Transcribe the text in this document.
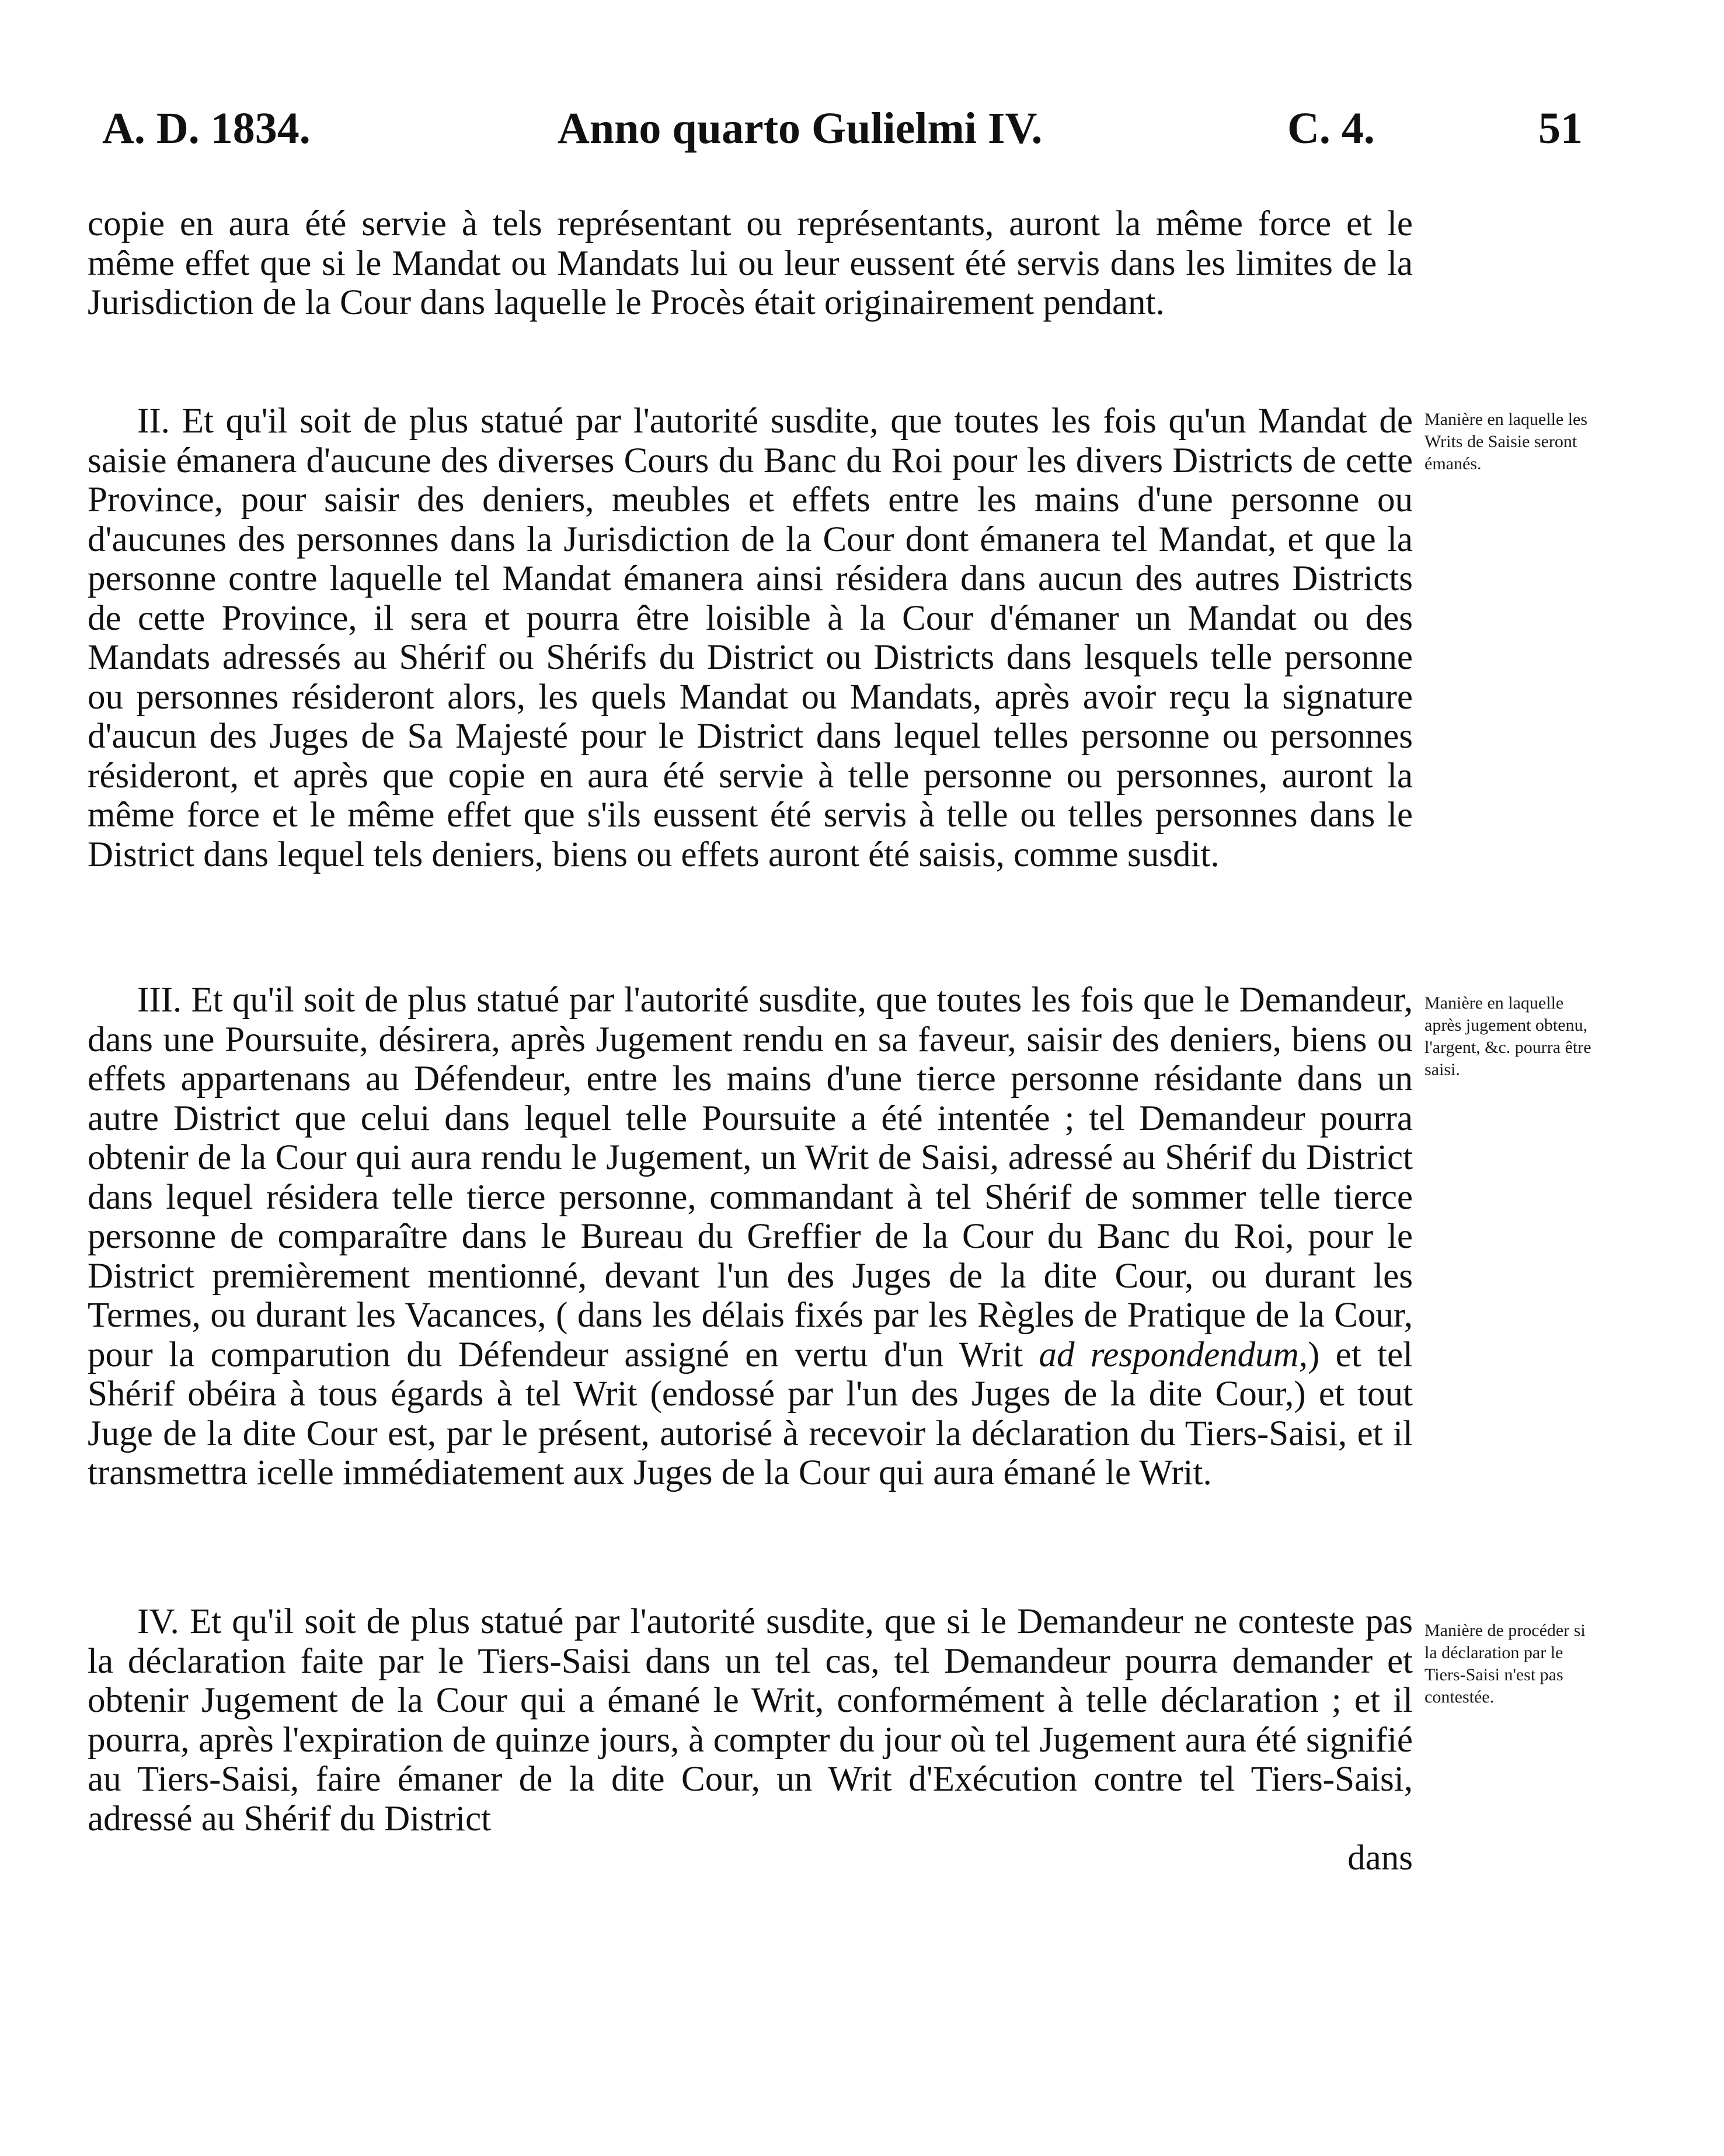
A. D. 1834.	Anno quarto Gulielmi IV.	C. 4.	51

copie en aura été servie à tels représentant ou représentants, auront la même force et le même effet que si le Mandat ou Mandats lui ou leur eussent été servis dans les limites de la Jurisdiction de la Cour dans laquelle le Procès était originairement pendant.

II. Et qu'il soit de plus statué par l'autorité susdite, que toutes les fois qu'un Mandat de saisie émanera d'aucune des diverses Cours du Banc du Roi pour les divers Districts de cette Province, pour saisir des deniers, meubles et effets entre les mains d'une personne ou d'aucunes des personnes dans la Jurisdiction de la Cour dont émanera tel Mandat, et que la personne contre laquelle tel Mandat émanera ainsi résidera dans aucun des autres Districts de cette Province, il sera et pourra être loisible à la Cour d'émaner un Mandat ou des Mandats adressés au Shérif ou Shérifs du District ou Districts dans lesquels telle personne ou personnes résideront alors, les quels Mandat ou Mandats, après avoir reçu la signature d'aucun des Juges de Sa Majesté pour le District dans lequel telles personne ou personnes résideront, et après que copie en aura été servie à telle personne ou personnes, auront la même force et le même effet que s'ils eussent été servis à telle ou telles personnes dans le District dans lequel tels deniers, biens ou effets auront été saisis, comme susdit.

Manière en laquelle les Writs de Saisie seront émanés.

III. Et qu'il soit de plus statué par l'autorité susdite, que toutes les fois que le Demandeur, dans une Poursuite, désirera, après Jugement rendu en sa faveur, saisir des deniers, biens ou effets appartenans au Défendeur, entre les mains d'une tierce personne résidante dans un autre District que celui dans lequel telle Poursuite a été intentée ; tel Demandeur pourra obtenir de la Cour qui aura rendu le Jugement, un Writ de Saisi, adressé au Shérif du District dans lequel résidera telle tierce personne, commandant à tel Shérif de sommer telle tierce personne de comparaître dans le Bureau du Greffier de la Cour du Banc du Roi, pour le District premièrement mentionné, devant l'un des Juges de la dite Cour, ou durant les Termes, ou durant les Vacances, ( dans les délais fixés par les Règles de Pratique de la Cour, pour la comparution du Défendeur assigné en vertu d'un Writ ad respondendum,) et tel Shérif obéira à tous égards à tel Writ (endossé par l'un des Juges de la dite Cour,) et tout Juge de la dite Cour est, par le présent, autorisé à recevoir la déclaration du Tiers-Saisi, et il transmettra icelle immédiatement aux Juges de la Cour qui aura émané le Writ.

Manière en laquelle après jugement obtenu, l'argent, &c. pourra être saisi.

IV. Et qu'il soit de plus statué par l'autorité susdite, que si le Demandeur ne conteste pas la déclaration faite par le Tiers-Saisi dans un tel cas, tel Demandeur pourra demander et obtenir Jugement de la Cour qui a émané le Writ, conformément à telle déclaration ; et il pourra, après l'expiration de quinze jours, à compter du jour où tel Jugement aura été signifié au Tiers-Saisi, faire émaner de la dite Cour, un Writ d'Exécution contre tel Tiers-Saisi, adressé au Shérif du District

dans

Manière de procéder si la déclaration par le Tiers-Saisi n'est pas contestée.
